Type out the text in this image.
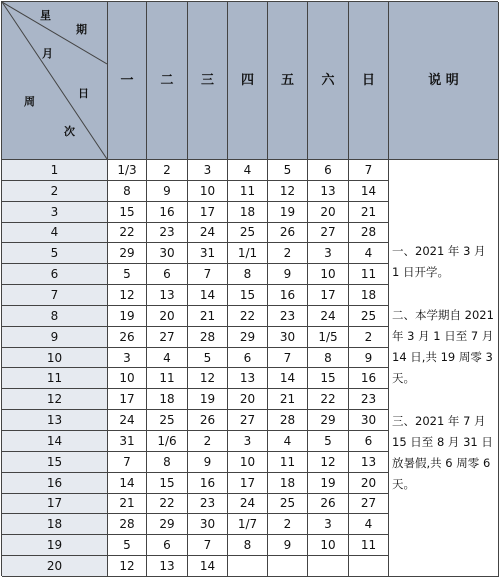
星
期
月
日
周
次
一	二	三	四	五	六	日	说 明
1	1/3	2	3	4	5	6	7
2	8	9	10	11	12	13	14
3	15	16	17	18	19	20	21
4	22	23	24	25	26	27	28
5	29	30	31	1/1	2	3	4
6	5	6	7	8	9	10	11
7	12	13	14	15	16	17	18
8	19	20	21	22	23	24	25
9	26	27	28	29	30	1/5	2
10	3	4	5	6	7	8	9
11	10	11	12	13	14	15	16
12	17	18	19	20	21	22	23
13	24	25	26	27	28	29	30
14	31	1/6	2	3	4	5	6
15	7	8	9	10	11	12	13
16	14	15	16	17	18	19	20
17	21	22	23	24	25	26	27
18	28	29	30	1/7	2	3	4
19	5	6	7	8	9	10	11
20	12	13	14

一、2021 年 3 月 1 日开学。

二、本学期自 2021 年 3 月 1 日至 7 月 14 日,共 19 周零 3 天。

三、2021 年 7 月 15 日至 8 月 31 日放暑假,共 6 周零 6 天。
